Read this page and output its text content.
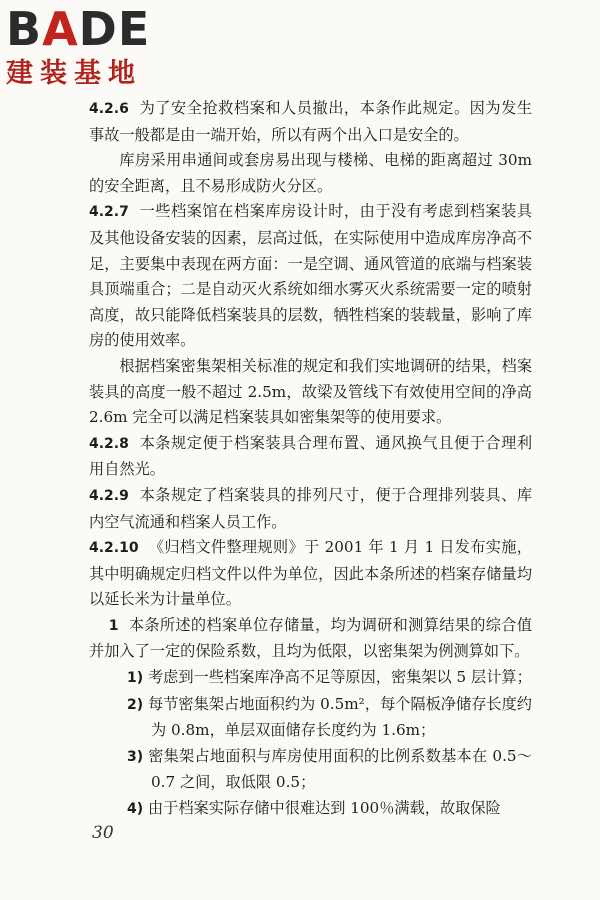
BADE
建装基地

4.2.6 为了安全抢救档案和人员撤出，本条作此规定。因为发生事故一般都是由一端开始，所以有两个出入口是安全的。

库房采用串通间或套房易出现与楼梯、电梯的距离超过 30m 的安全距离，且不易形成防火分区。

4.2.7 一些档案馆在档案库房设计时，由于没有考虑到档案装具及其他设备安装的因素，层高过低，在实际使用中造成库房净高不足，主要集中表现在两方面：一是空调、通风管道的底端与档案装具顶端重合；二是自动灭火系统如细水雾灭火系统需要一定的喷射高度，故只能降低档案装具的层数，牺牲档案的装载量，影响了库房的使用效率。

根据档案密集架相关标准的规定和我们实地调研的结果，档案装具的高度一般不超过 2.5m，故梁及管线下有效使用空间的净高 2.6m 完全可以满足档案装具如密集架等的使用要求。

4.2.8 本条规定便于档案装具合理布置、通风换气且便于合理利用自然光。

4.2.9 本条规定了档案装具的排列尺寸，便于合理排列装具、库内空气流通和档案人员工作。

4.2.10 《归档文件整理规则》于 2001 年 1 月 1 日发布实施，其中明确规定归档文件以件为单位，因此本条所述的档案存储量均以延长米为计量单位。

1 本条所述的档案单位存储量，均为调研和测算结果的综合值并加入了一定的保险系数，且均为低限，以密集架为例测算如下。

1) 考虑到一些档案库净高不足等原因，密集架以 5 层计算；

2) 每节密集架占地面积约为 0.5m²，每个隔板净储存长度约为 0.8m，单层双面储存长度约为 1.6m；

3) 密集架占地面积与库房使用面积的比例系数基本在 0.5～0.7 之间，取低限 0.5；

4) 由于档案实际存储中很难达到 100％满载，故取保险

30
